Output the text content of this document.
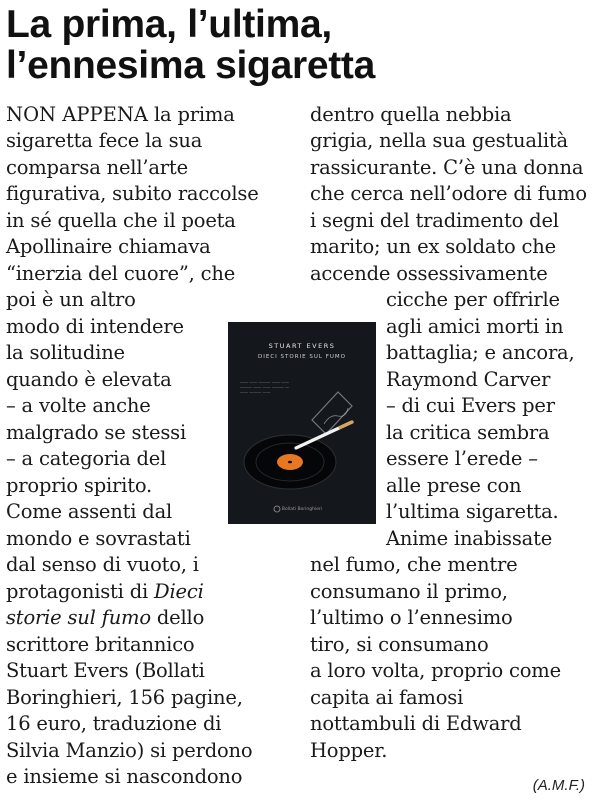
La prima, l’ultima,
l’ennesima sigaretta
NON APPENA la prima
sigaretta fece la sua
comparsa nell’arte
figurativa, subito raccolse
in sé quella che il poeta
Apollinaire chiamava
“inerzia del cuore”, che
poi è un altro
modo di intendere
la solitudine
quando è elevata
– a volte anche
malgrado se stessi
– a categoria del
proprio spirito.
Come assenti dal
mondo e sovrastati
dal senso di vuoto, i
protagonisti di Dieci
storie sul fumo dello
scrittore britannico
Stuart Evers (Bollati
Boringhieri, 156 pagine,
16 euro, traduzione di
Silvia Manzio) si perdono
e insieme si nascondono
dentro quella nebbia
grigia, nella sua gestualità
rassicurante. C’è una donna
che cerca nell’odore di fumo
i segni del tradimento del
marito; un ex soldato che
accende ossessivamente
cicche per offrirle
agli amici morti in
battaglia; e ancora,
Raymond Carver
– di cui Evers per
la critica sembra
essere l’erede –
alle prese con
l’ultima sigaretta.
Anime inabissate
nel fumo, che mentre
consumano il primo,
l’ultimo o l’ennesimo
tiro, si consumano
a loro volta, proprio come
capita ai famosi
nottambuli di Edward
Hopper.
STUART EVERS
DIECI STORIE SUL FUMO
—— —— ——— —— ——
——— —— —— ——— —
—— ——— ——
Bollati Boringhieri
(A.M.F.)
